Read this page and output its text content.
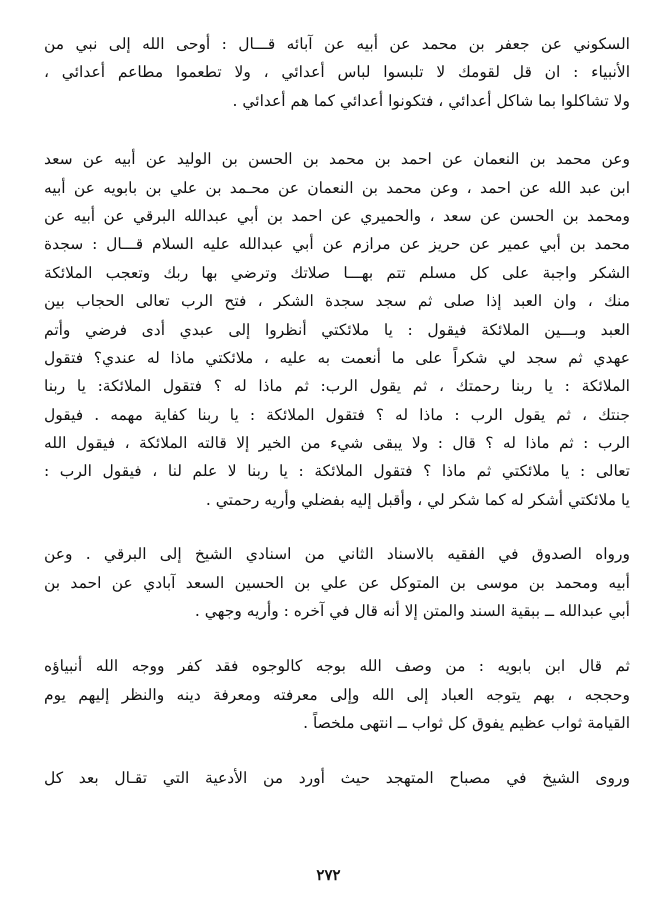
السكوني عن جعفر بن محمد عن أبيه عن آبائه قـــال : أوحى الله إلى نبي من
الأنبياء : ان قل لقومك لا تلبسوا لباس أعدائي ، ولا تطعموا مطاعم أعدائي ،
ولا تشاكلوا بما شاكل أعدائي ، فتكونوا أعدائي كما هم أعدائي .
وعن محمد بن النعمان عن احمد بن محمد بن الحسن بن الوليد عن أبيه عن سعد
ابن عبد الله عن احمد ، وعن محمد بن النعمان عن محـمد بن علي بن بابويه عن أبيه
ومحمد بن الحسن عن سعد ، والحميري عن احمد بن أبي عبدالله البرقي عن أبيه عن
محمد بن أبي عمير عن حريز عن مرازم عن أبي عبدالله عليه السلام قـــال : سجدة
الشكر واجبة على كل مسلم تتم بهـــا صلاتك وترضي بها ربك وتعجب الملائكة
منك ، وان العبد إذا صلى ثم سجد سجدة الشكر ، فتح الرب تعالى الحجاب بين
العبد وبـــين الملائكة فيقول : يا ملائكتي أنظروا إلى عبدي أدى فرضي وأتم
عهدي ثم سجد لي شكراً على ما أنعمت به عليه ، ملائكتي ماذا له عندي؟ فتقول
الملائكة : يا ربنا رحمتك ، ثم يقول الرب: ثم ماذا له ؟ فتقول الملائكة: يا ربنا
جنتك ، ثم يقول الرب : ماذا له ؟ فتقول الملائكة : يا ربنا كفاية مهمه . فيقول
الرب : ثم ماذا له ؟ قال : ولا يبقى شيء من الخير إلا قالته الملائكة ، فيقول الله
تعالى : يا ملائكتي ثم ماذا ؟ فتقول الملائكة : يا ربنا لا علم لنا ، فيقول الرب :
يا ملائكتي أشكر له كما شكر لي ، وأقبل إليه بفضلي وأريه رحمتي .
ورواه الصدوق في الفقيه بالاسناد الثاني من اسنادي الشيخ إلى البرقي . وعن
أبيه ومحمد بن موسى بن المتوكل عن علي بن الحسين السعد آبادي عن احمد بن
أبي عبدالله ــ ببقية السند والمتن إلا أنه قال في آخره : وأريه وجهي .
ثم قال ابن بابويه : من وصف الله بوجه كالوجوه فقد كفر ووجه الله أنبياؤه
وحججه ، بهم يتوجه العباد إلى الله وإلى معرفته ومعرفة دينه والنظر إليهم يوم
القيامة ثواب عظيم يفوق كل ثواب ــ انتهى ملخصاً .
وروى الشيخ في مصباح المتهجد حيث أورد من الأدعية التي تقـال بعد كل
٢٧٢
